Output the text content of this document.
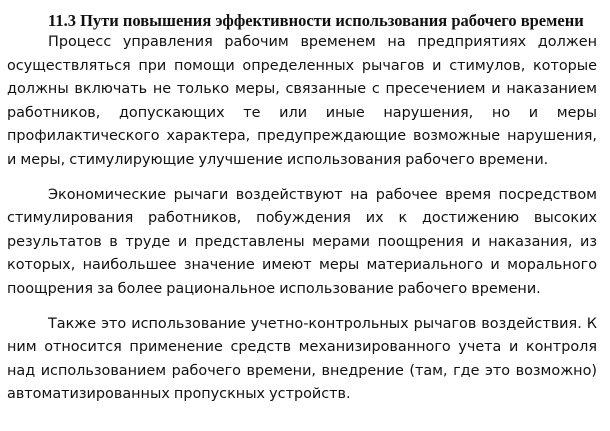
11.3 Пути повышения эффективности использования рабочего времени

Процесс управления рабочим временем на предприятиях должен осуществляться при помощи определенных рычагов и стимулов, которые должны включать не только меры, связанные с пресечением и наказанием работников, допускающих те или иные нарушения, но и меры профилактического характера, предупреждающие возможные нарушения, и меры, стимулирующие улучшение использования рабочего времени.

Экономические рычаги воздействуют на рабочее время посредством стимулирования работников, побуждения их к достижению высоких результатов в труде и представлены мерами поощрения и наказания, из которых, наибольшее значение имеют меры материального и морального поощрения за более рациональное использование рабочего времени.

Также это использование учетно-контрольных рычагов воздействия. К ним относится применение средств механизированного учета и контроля над использованием рабочего времени, внедрение (там, где это возможно) автоматизированных пропускных устройств.
